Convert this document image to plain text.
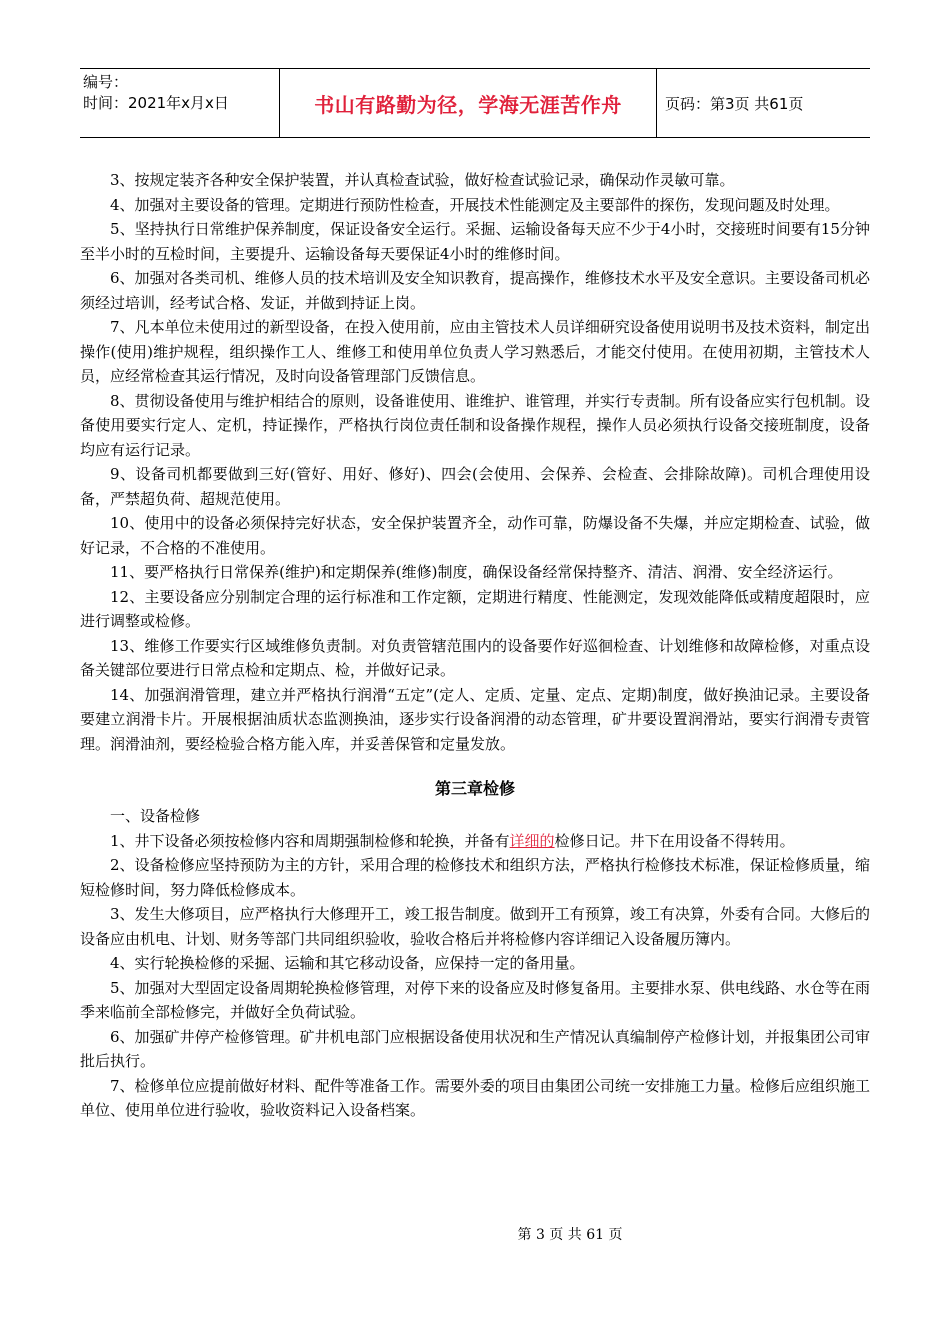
编号：
时间：2021年x月x日	书山有路勤为径，学海无涯苦作舟	页码：第3页 共61页

3、按规定装齐各种安全保护装置，并认真检查试验，做好检查试验记录，确保动作灵敏可靠。

4、加强对主要设备的管理。定期进行预防性检查，开展技术性能测定及主要部件的探伤，发现问题及时处理。

5、坚持执行日常维护保养制度，保证设备安全运行。采掘、运输设备每天应不少于4小时，交接班时间要有15分钟至半小时的互检时间，主要提升、运输设备每天要保证4小时的维修时间。

6、加强对各类司机、维修人员的技术培训及安全知识教育，提高操作，维修技术水平及安全意识。主要设备司机必须经过培训，经考试合格、发证，并做到持证上岗。

7、凡本单位未使用过的新型设备，在投入使用前，应由主管技术人员详细研究设备使用说明书及技术资料，制定出操作(使用)维护规程，组织操作工人、维修工和使用单位负责人学习熟悉后，才能交付使用。在使用初期，主管技术人员，应经常检查其运行情况，及时向设备管理部门反馈信息。

8、贯彻设备使用与维护相结合的原则，设备谁使用、谁维护、谁管理，并实行专责制。所有设备应实行包机制。设备使用要实行定人、定机，持证操作，严格执行岗位责任制和设备操作规程，操作人员必须执行设备交接班制度，设备均应有运行记录。

9、设备司机都要做到三好(管好、用好、修好)、四会(会使用、会保养、会检查、会排除故障)。司机合理使用设备，严禁超负荷、超规范使用。

10、使用中的设备必须保持完好状态，安全保护装置齐全，动作可靠，防爆设备不失爆，并应定期检查、试验，做好记录，不合格的不准使用。

11、要严格执行日常保养(维护)和定期保养(维修)制度，确保设备经常保持整齐、清洁、润滑、安全经济运行。

12、主要设备应分别制定合理的运行标准和工作定额，定期进行精度、性能测定，发现效能降低或精度超限时，应进行调整或检修。

13、维修工作要实行区域维修负责制。对负责管辖范围内的设备要作好巡徊检查、计划维修和故障检修，对重点设备关键部位要进行日常点检和定期点、检，并做好记录。

14、加强润滑管理，建立并严格执行润滑“五定”(定人、定质、定量、定点、定期)制度，做好换油记录。主要设备要建立润滑卡片。开展根据油质状态监测换油，逐步实行设备润滑的动态管理，矿井要设置润滑站，要实行润滑专责管理。润滑油剂，要经检验合格方能入库，并妥善保管和定量发放。

第三章检修

一、设备检修

1、井下设备必须按检修内容和周期强制检修和轮换，并备有详细的检修日记。井下在用设备不得转用。

2、设备检修应坚持预防为主的方针，采用合理的检修技术和组织方法，严格执行检修技术标准，保证检修质量，缩短检修时间，努力降低检修成本。

3、发生大修项目，应严格执行大修理开工，竣工报告制度。做到开工有预算，竣工有决算，外委有合同。大修后的设备应由机电、计划、财务等部门共同组织验收，验收合格后并将检修内容详细记入设备履历簿内。

4、实行轮换检修的采掘、运输和其它移动设备，应保持一定的备用量。

5、加强对大型固定设备周期轮换检修管理，对停下来的设备应及时修复备用。主要排水泵、供电线路、水仓等在雨季来临前全部检修完，并做好全负荷试验。

6、加强矿井停产检修管理。矿井机电部门应根据设备使用状况和生产情况认真编制停产检修计划，并报集团公司审批后执行。

7、检修单位应提前做好材料、配件等准备工作。需要外委的项目由集团公司统一安排施工力量。检修后应组织施工单位、使用单位进行验收，验收资料记入设备档案。

第 3 页 共 61 页
